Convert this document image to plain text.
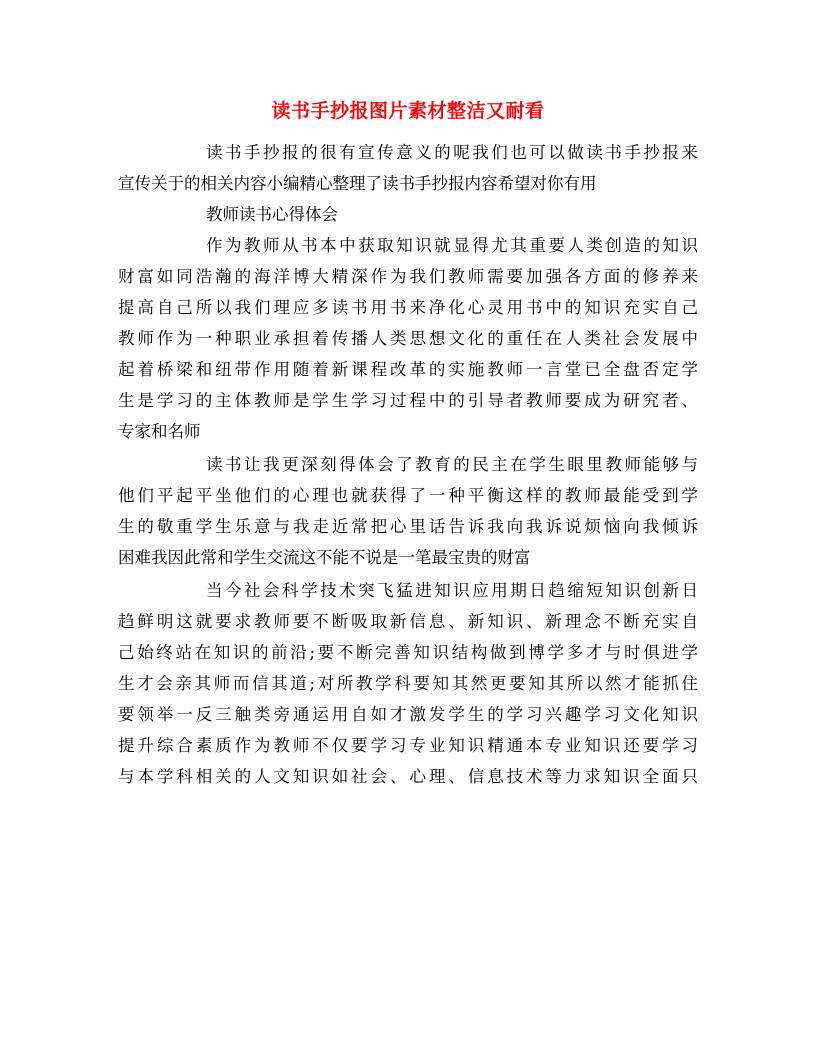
读书手抄报图片素材整洁又耐看
读书手抄报的很有宣传意义的呢我们也可以做读书手抄报来
宣传关于的相关内容小编精心整理了读书手抄报内容希望对你有用
教师读书心得体会
作为教师从书本中获取知识就显得尤其重要人类创造的知识
财富如同浩瀚的海洋博大精深作为我们教师需要加强各方面的修养来
提高自己所以我们理应多读书用书来净化心灵用书中的知识充实自己
教师作为一种职业承担着传播人类思想文化的重任在人类社会发展中
起着桥梁和纽带作用随着新课程改革的实施教师一言堂已全盘否定学
生是学习的主体教师是学生学习过程中的引导者教师要成为研究者、
专家和名师
读书让我更深刻得体会了教育的民主在学生眼里教师能够与
他们平起平坐他们的心理也就获得了一种平衡这样的教师最能受到学
生的敬重学生乐意与我走近常把心里话告诉我向我诉说烦恼向我倾诉
困难我因此常和学生交流这不能不说是一笔最宝贵的财富
当今社会科学技术突飞猛进知识应用期日趋缩短知识创新日
趋鲜明这就要求教师要不断吸取新信息、新知识、新理念不断充实自
己始终站在知识的前沿;要不断完善知识结构做到博学多才与时俱进学
生才会亲其师而信其道;对所教学科要知其然更要知其所以然才能抓住
要领举一反三触类旁通运用自如才激发学生的学习兴趣学习文化知识
提升综合素质作为教师不仅要学习专业知识精通本专业知识还要学习
与本学科相关的人文知识如社会、心理、信息技术等力求知识全面只
